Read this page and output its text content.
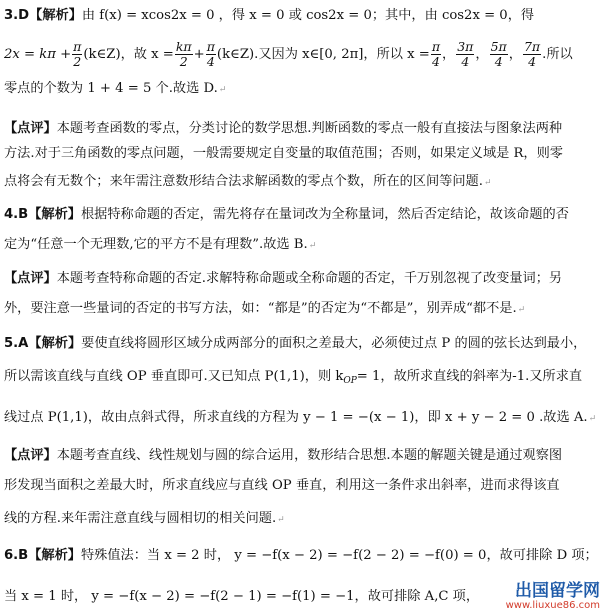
3.D【解析】由 f(x) = xcos2x = 0 ，得 x = 0 或 cos2x = 0；其中，由 cos2x = 0，得
$2x = k\pi + \frac{\pi}{2}$ (k∈Z)，故 $x = \frac{k\pi}{2} + \frac{\pi}{4}$ (k∈Z).又因为 x∈[0, 2π]，所以 $x = \frac{\pi}{4}$ ， $\frac{3\pi}{4}$ ， $\frac{5\pi}{4}$ ， $\frac{7\pi}{4}$ .所以
零点的个数为 1 + 4 = 5 个.故选 D.↵
【点评】本题考查函数的零点，分类讨论的数学思想.判断函数的零点一般有直接法与图象法两种
方法.对于三角函数的零点问题，一般需要规定自变量的取值范围；否则，如果定义域是 R，则零
点将会有无数个；来年需注意数形结合法求解函数的零点个数，所在的区间等问题.↵
4.B【解析】根据特称命题的否定，需先将存在量词改为全称量词，然后否定结论，故该命题的否
定为“任意一个无理数,它的平方不是有理数”.故选 B.↵
【点评】本题考查特称命题的否定.求解特称命题或全称命题的否定，千万别忽视了改变量词；另
外，要注意一些量词的否定的书写方法，如：“都是”的否定为“不都是”，别弄成“都不是.↵
5.A【解析】要使直线将圆形区域分成两部分的面积之差最大，必须使过点 P 的圆的弦长达到最小，
所以需该直线与直线 OP 垂直即可.又已知点 P(1,1)，则 $k_{OP}= 1$，故所求直线的斜率为-1.又所求直
线过点 P(1,1)，故由点斜式得，所求直线的方程为 y − 1 = −(x − 1)，即 x + y − 2 = 0 .故选 A.↵
【点评】本题考查直线、线性规划与圆的综合运用，数形结合思想.本题的解题关键是通过观察图
形发现当面积之差最大时，所求直线应与直线 OP 垂直，利用这一条件求出斜率，进而求得该直
线的方程.来年需注意直线与圆相切的相关问题.↵
6.B【解析】特殊值法：当 x = 2 时， y = −f(x − 2) = −f(2 − 2) = −f(0) = 0，故可排除 D 项；
当 x = 1 时， y = −f(x − 2) = −f(2 − 1) = −f(1) = −1，故可排除 A,C 项，	出国留学网
www.liuxue86.com
